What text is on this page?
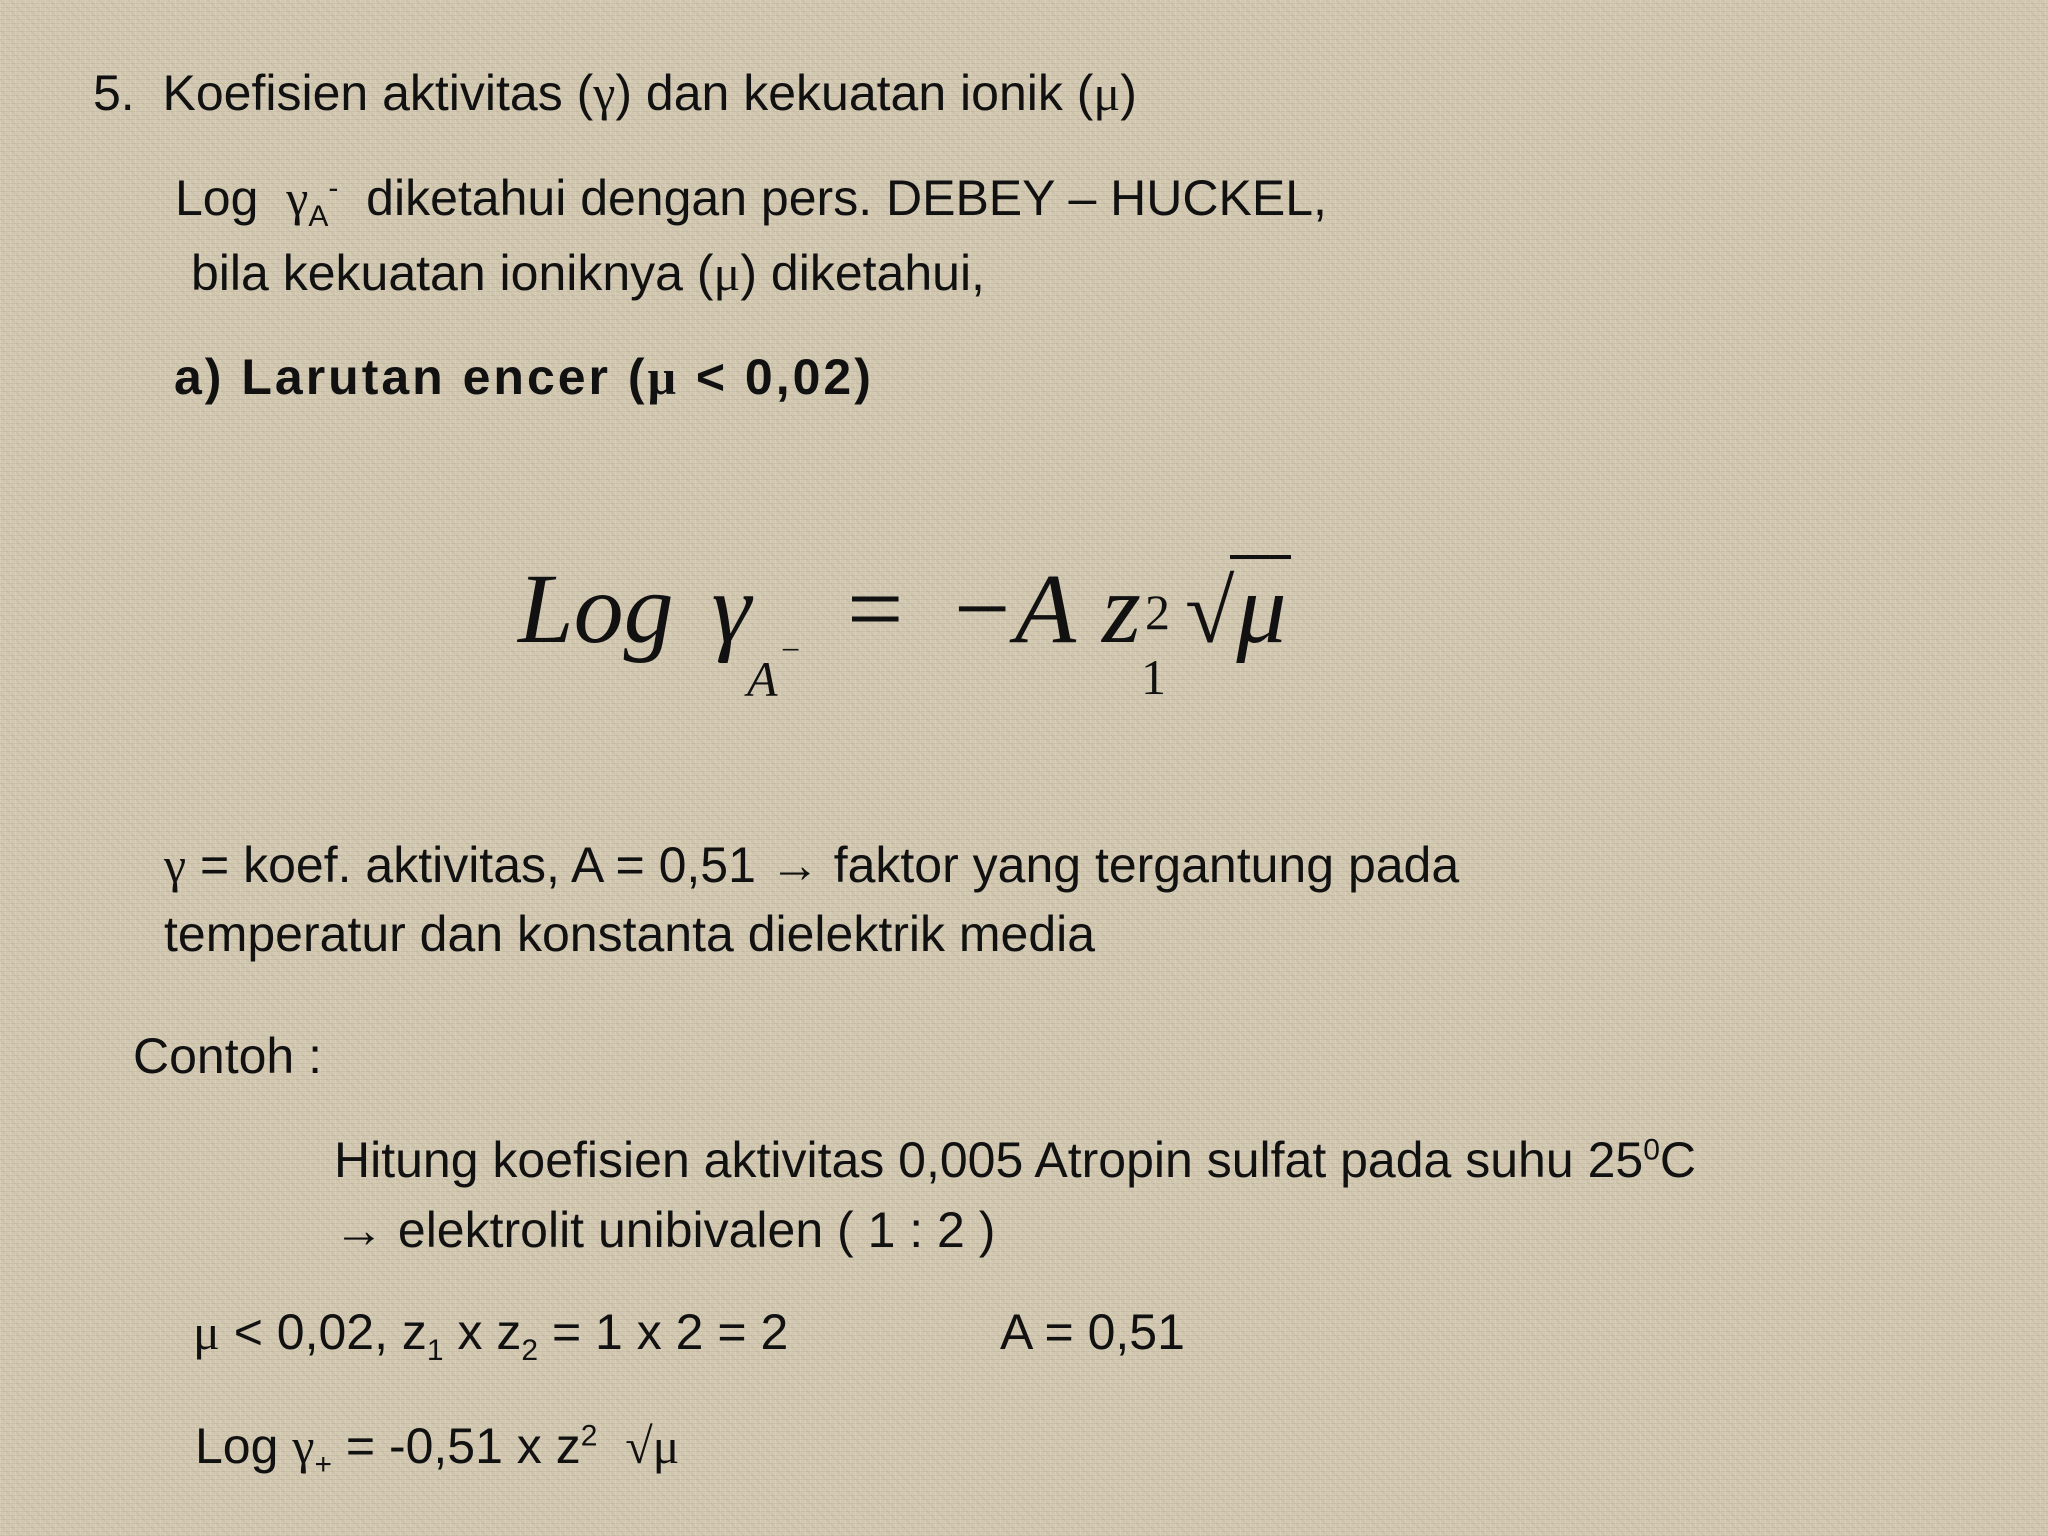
5. Koefisien aktivitas (γ) dan kekuatan ionik (μ)
Log $\gamma_A^-$ diketahui dengan pers. DEBEY – HUCKEL,
bila kekuatan ioniknya (μ) diketahui,
a) Larutan encer (μ < 0,02)
Log γ
A
− = −A z
1
2 √μ
γ = koef. aktivitas, A = 0,51 → faktor yang tergantung pada
temperatur dan konstanta dielektrik media
Contoh :
Hitung koefisien aktivitas 0,005 Atropin sulfat pada suhu $25^0C$
→ elektrolit unibivalen ( 1 : 2 )
μ < 0,02, $z_1$ x $z_2 = 1$ x 2 = 2	A = 0,51
Log $\gamma_+ = -0,51$ x $z^2$ √μ
